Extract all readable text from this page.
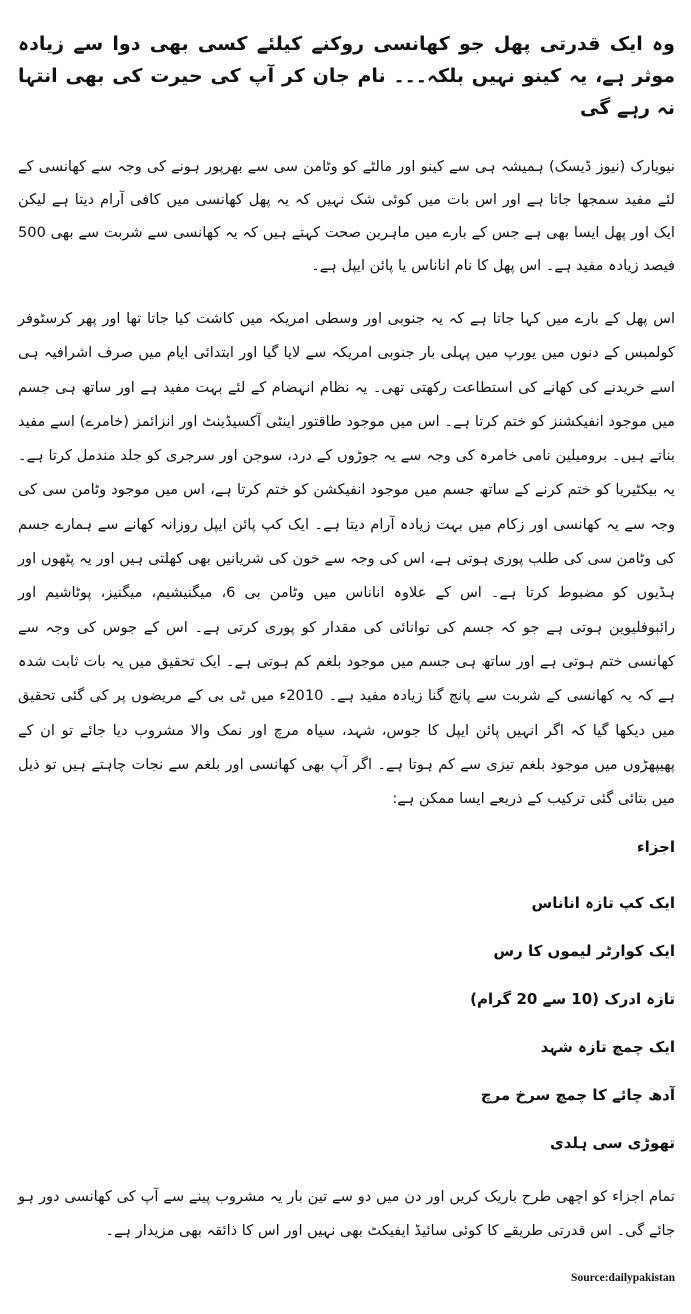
وہ ایک قدرتی پھل جو کھانسی روکنے کیلئے کسی بھی دوا سے زیادہ موثر ہے، یہ کینو نہیں بلکہ۔۔۔ نام جان کر آپ کی حیرت کی بھی انتہا نہ رہے گی

نیویارک (نیوز ڈیسک) ہمیشہ ہی سے کینو اور مالٹے کو وٹامن سی سے بھرپور ہونے کی وجہ سے کھانسی کے لئے مفید سمجھا جاتا ہے اور اس بات میں کوئی شک نہیں کہ یہ پھل کھانسی میں کافی آرام دیتا ہے لیکن ایک اور پھل ایسا بھی ہے جس کے بارے میں ماہرین صحت کہتے ہیں کہ یہ کھانسی سے شربت سے بھی 500 فیصد زیادہ مفید ہے۔ اس پھل کا نام اناناس یا پائن ایپل ہے۔

اس پھل کے بارے میں کہا جاتا ہے کہ یہ جنوبی اور وسطی امریکہ میں کاشت کیا جاتا تھا اور پھر کرسٹوفر کولمبس کے دنوں میں یورپ میں پہلی بار جنوبی امریکہ سے لایا گیا اور ابتدائی ایام میں صرف اشرافیہ ہی اسے خریدنے کی کھانے کی استطاعت رکھتی تھی۔ یہ نظام انہضام کے لئے بہت مفید ہے اور ساتھ ہی جسم میں موجود انفیکشنز کو ختم کرتا ہے۔ اس میں موجود طاقتور اینٹی آکسیڈینٹ اور انزائمز (خامرے) اسے مفید بناتے ہیں۔ برومیلین نامی خامرہ کی وجہ سے یہ جوڑوں کے درد، سوجن اور سرجری کو جلد مندمل کرتا ہے۔ یہ بیکٹیریا کو ختم کرنے کے ساتھ جسم میں موجود انفیکشن کو ختم کرتا ہے، اس میں موجود وٹامن سی کی وجہ سے یہ کھانسی اور زکام میں بہت زیادہ آرام دیتا ہے۔ ایک کپ پائن ایپل روزانہ کھانے سے ہمارے جسم کی وٹامن سی کی طلب پوری ہوتی ہے، اس کی وجہ سے خون کی شریانیں بھی کھلتی ہیں اور یہ پٹھوں اور ہڈیوں کو مضبوط کرتا ہے۔ اس کے علاوہ اناناس میں وٹامن بی 6، میگنیشیم، میگنیز، پوٹاشیم اور رائبوفلیوین ہوتی ہے جو کہ جسم کی توانائی کی مقدار کو پوری کرتی ہے۔ اس کے جوس کی وجہ سے کھانسی ختم ہوتی ہے اور ساتھ ہی جسم میں موجود بلغم کم ہوتی ہے۔ ایک تحقیق میں یہ بات ثابت شدہ ہے کہ یہ کھانسی کے شربت سے پانچ گنا زیادہ مفید ہے۔ 2010ء میں ٹی بی کے مریضوں پر کی گئی تحقیق میں دیکھا گیا کہ اگر انہیں پائن ایپل کا جوس، شہد، سیاہ مرچ اور نمک والا مشروب دیا جائے تو ان کے پھیپھڑوں میں موجود بلغم تیزی سے کم ہوتا ہے۔ اگر آپ بھی کھانسی اور بلغم سے نجات چاہتے ہیں تو ذیل میں بتائی گئی ترکیب کے ذریعے ایسا ممکن ہے:

اجزاء
ایک کپ تازہ اناناس
ایک کوارٹر لیموں کا رس
تازہ ادرک (10 سے 20 گرام)
ایک چمچ تازہ شہد
آدھ چائے کا چمچ سرخ مرچ
تھوڑی سی ہلدی

تمام اجزاء کو اچھی طرح باریک کریں اور دن میں دو سے تین بار یہ مشروب پینے سے آپ کی کھانسی دور ہو جائے گی۔ اس قدرتی طریقے کا کوئی سائیڈ ایفیکٹ بھی نہیں اور اس کا ذائقہ بھی مزیدار ہے۔

Source:dailypakistan
